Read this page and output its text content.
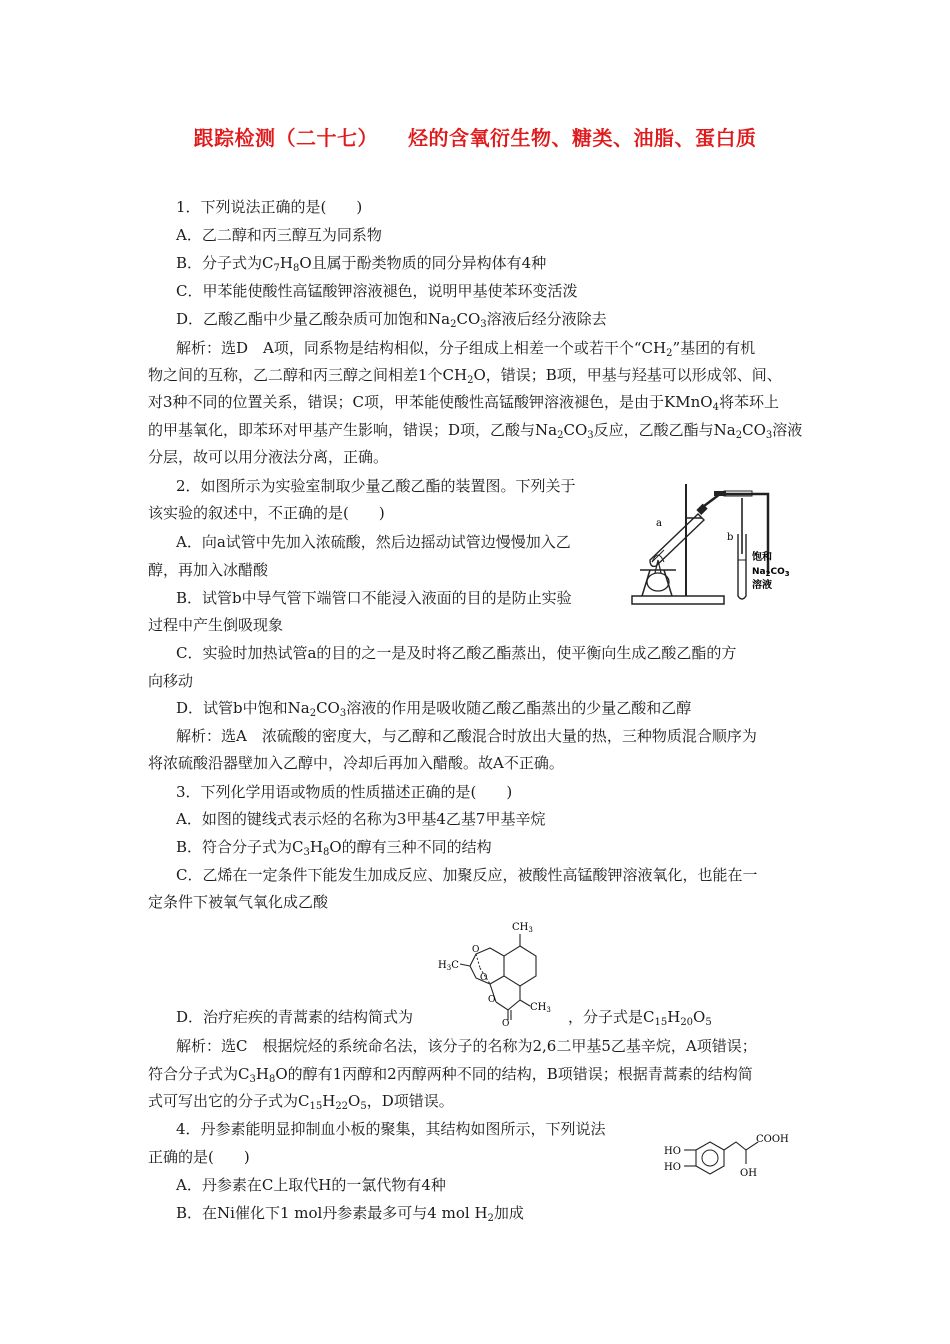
跟踪检测（二十七） 烃的含氧衍生物、糖类、油脂、蛋白质
1．下列说法正确的是(　　)
A．乙二醇和丙三醇互为同系物
B．分子式为$C_7H_8O$且属于酚类物质的同分异构体有4种
C．甲苯能使酸性高锰酸钾溶液褪色，说明甲基使苯环变活泼
D．乙酸乙酯中少量乙酸杂质可加饱和$Na_2CO_3$溶液后经分液除去
解析：选D　A项，同系物是结构相似，分子组成上相差一个或若干个“$CH_2$”基团的有机
物之间的互称，乙二醇和丙三醇之间相差1个$CH_2O$，错误；B项，甲基与羟基可以形成邻、间、
对3种不同的位置关系，错误；C项，甲苯能使酸性高锰酸钾溶液褪色，是由于KMnO$_4$将苯环上
的甲基氧化，即苯环对甲基产生影响，错误；D项，乙酸与$Na_2CO_3$反应，乙酸乙酯与$Na_2CO_3$溶液
分层，故可以用分液法分离，正确。
2．如图所示为实验室制取少量乙酸乙酯的装置图。下列关于
该实验的叙述中，不正确的是(　　)
A．向a试管中先加入浓硫酸，然后边摇动试管边慢慢加入乙
醇，再加入冰醋酸
B．试管b中导气管下端管口不能浸入液面的目的是防止实验
过程中产生倒吸现象
C．实验时加热试管a的目的之一是及时将乙酸乙酯蒸出，使平衡向生成乙酸乙酯的方
向移动
D．试管b中饱和$Na_2CO_3$溶液的作用是吸收随乙酸乙酯蒸出的少量乙酸和乙醇
解析：选A　浓硫酸的密度大，与乙醇和乙酸混合时放出大量的热，三种物质混合顺序为
将浓硫酸沿器壁加入乙醇中，冷却后再加入醋酸。故A不正确。
a
b
饱和
$Na_2CO_3$
溶液
3．下列化学用语或物质的性质描述正确的是(　　)
A．如图的键线式表示烃的名称为3甲基4乙基7甲基辛烷
B．符合分子式为$C_3H_8O$的醇有三种不同的结构
C．乙烯在一定条件下能发生加成反应、加聚反应，被酸性高锰酸钾溶液氧化，也能在一
定条件下被氧气氧化成乙酸
$CH_3$
$H_3C$
O
O
O
O
$CH_3$
D．治疗疟疾的青蒿素的结构简式为	，分子式是$C_{15}H_{20}O_5$
解析：选C　根据烷烃的系统命名法，该分子的名称为2,6二甲基5乙基辛烷，A项错误；
符合分子式为$C_3H_8O$的醇有1丙醇和2丙醇两种不同的结构，B项错误；根据青蒿素的结构简
式可写出它的分子式为$C_{15}H_{22}O_5$，D项错误。
4．丹参素能明显抑制血小板的聚集，其结构如图所示，下列说法
正确的是(　　)	HO
HO
COOH
OH
A．丹参素在C上取代H的一氯代物有4种
B．在Ni催化下1 mol丹参素最多可与4 mol $H_2$加成
